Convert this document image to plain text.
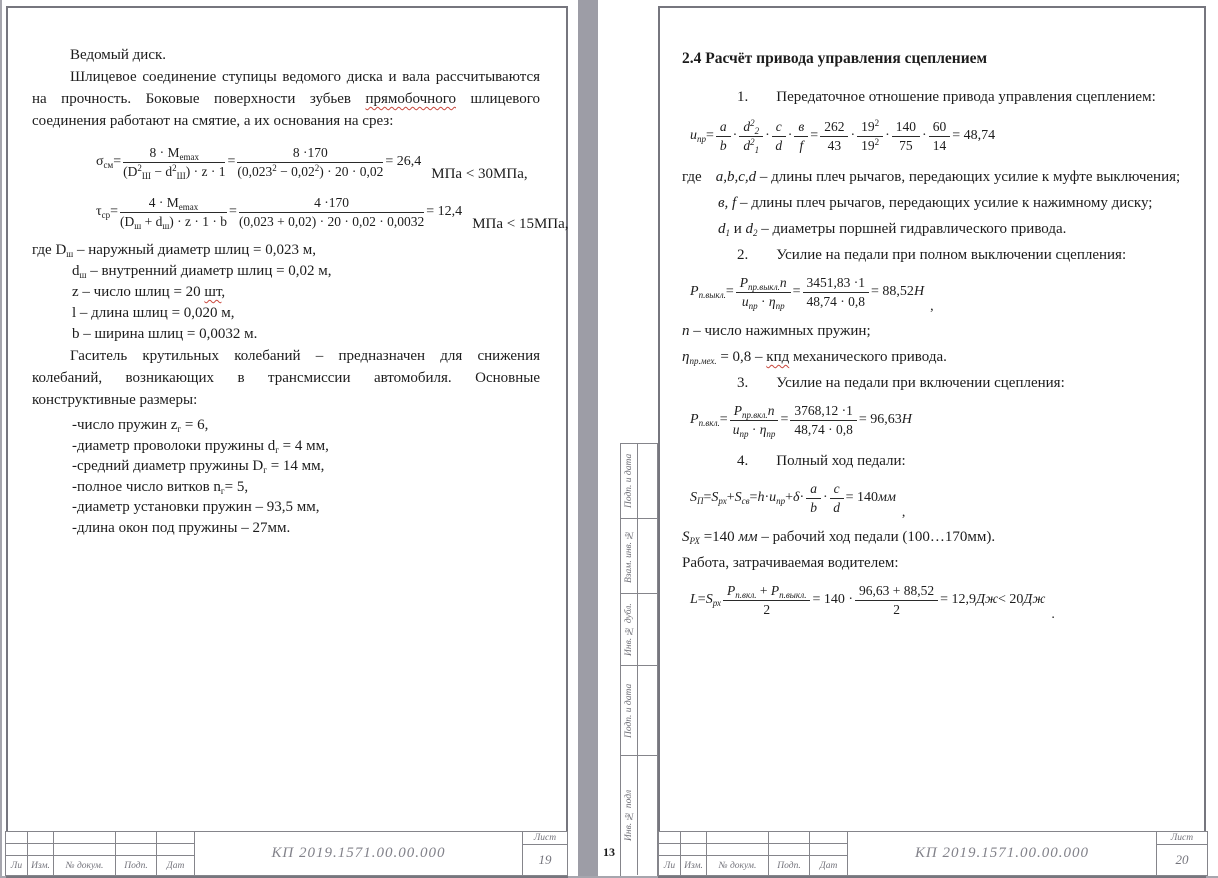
Ведомый диск.
Шлицевое соединение ступицы ведомого диска и вала рассчитываются на прочность. Боковые поверхности зубьев прямобочного шлицевого соединения работают на смятие, а их основания на срез:
$\sigma_{см} = \frac{8 \cdot M_{emax}}{(D^2_Ш - d^2_Ш) \cdot z \cdot 1} = \frac{8 \cdot 170}{(0,023^2 - 0,02^2) \cdot 20 \cdot 0,02} = 26,4$
МПа < 30МПа,
$\tau_{ср} = \frac{4 \cdot M_{emax}}{(D_ш + d_ш) \cdot z \cdot 1 \cdot b} = \frac{4 \cdot 170}{(0,023 + 0,02) \cdot 20 \cdot 0,02 \cdot 0,0032} = 12,4$
МПа < 15МПа,
где $D_ш$ – наружный диаметр шлиц = 0,023 м,
$d_ш$ – внутренний диаметр шлиц = 0,02 м,
z – число шлиц = 20 шт,
l – длина шлиц = 0,020 м,
b – ширина шлиц = 0,0032 м.
Гаситель крутильных колебаний – предназначен для снижения колебаний, возникающих в трансмиссии автомобиля. Основные конструктивные размеры:
-число пружин $z_г = 6$,
-диаметр проволоки пружины $d_г = 4$ мм,
-средний диаметр пружины $D_г = 14$ мм,
-полное число витков $n_г= 5$,
-диаметр установки пружин – 93,5 мм,
-длина окон под пружины – 27мм.
Ли Изм.	№ докум.	Подп.	Дат
КП 2019.1571.00.00.000
Лист
19	13
Подп. и дата
Взам. инв. №
Инв. № дубл.
Подп. и дата
Инв. № подл
2.4 Расчёт привода управления сцеплением
1. Передаточное отношение привода управления сцеплением:
$u_{пр} = \frac{a}{b} \cdot \frac{d^2_2}{d^2_1} \cdot \frac{c}{d} \cdot \frac{в}{f} = \frac{262}{43} \cdot \frac{19^2}{19^2} \cdot \frac{140}{75} \cdot \frac{60}{14} = 48,74$
где a,b,c,d – длины плеч рычагов, передающих усилие к муфте выключения;
в, f – длины плеч рычагов, передающих усилие к нажимному диску;
$d_1$ и $d_2$ – диаметры поршней гидравлического привода.
2. Усилие на педали при полном выключении сцепления:
$P_{п.выкл.} = \frac{P_{пр.выкл.}n}{u_{пр} \cdot \eta_{пр}} = \frac{3451,83 \cdot 1}{48,74 \cdot 0,8} = 88,52$ Н
,
n – число нажимных пружин;
$\eta_{пр.мех.} = 0,8$ – кпд механического привода.
3. Усилие на педали при включении сцепления:
$P_{п.вкл.} = \frac{P_{пр.вкл.}n}{u_{пр} \cdot \eta_{пр}} = \frac{3768,12 \cdot 1}{48,74 \cdot 0,8} = 96,63$ Н
4. Полный ход педали:
$S_П = S_{рх} + S_{св} = h \cdot u_{пр} + \delta \cdot \frac{a}{b} \cdot \frac{c}{d} = 140$ мм
,
$S_{РХ} =140$ мм – рабочий ход педали (100…170мм).
Работа, затрачиваемая водителем:
$L = S_{рх} \frac{P_{п.вкл.} + P_{п.выкл.}}{2} = 140 \cdot \frac{96,63 + 88,52}{2} = 12,9$ Дж < 20 Дж
.
Ли Изм.	№ докум.	Подп.	Дат
КП 2019.1571.00.00.000
Лист
20
